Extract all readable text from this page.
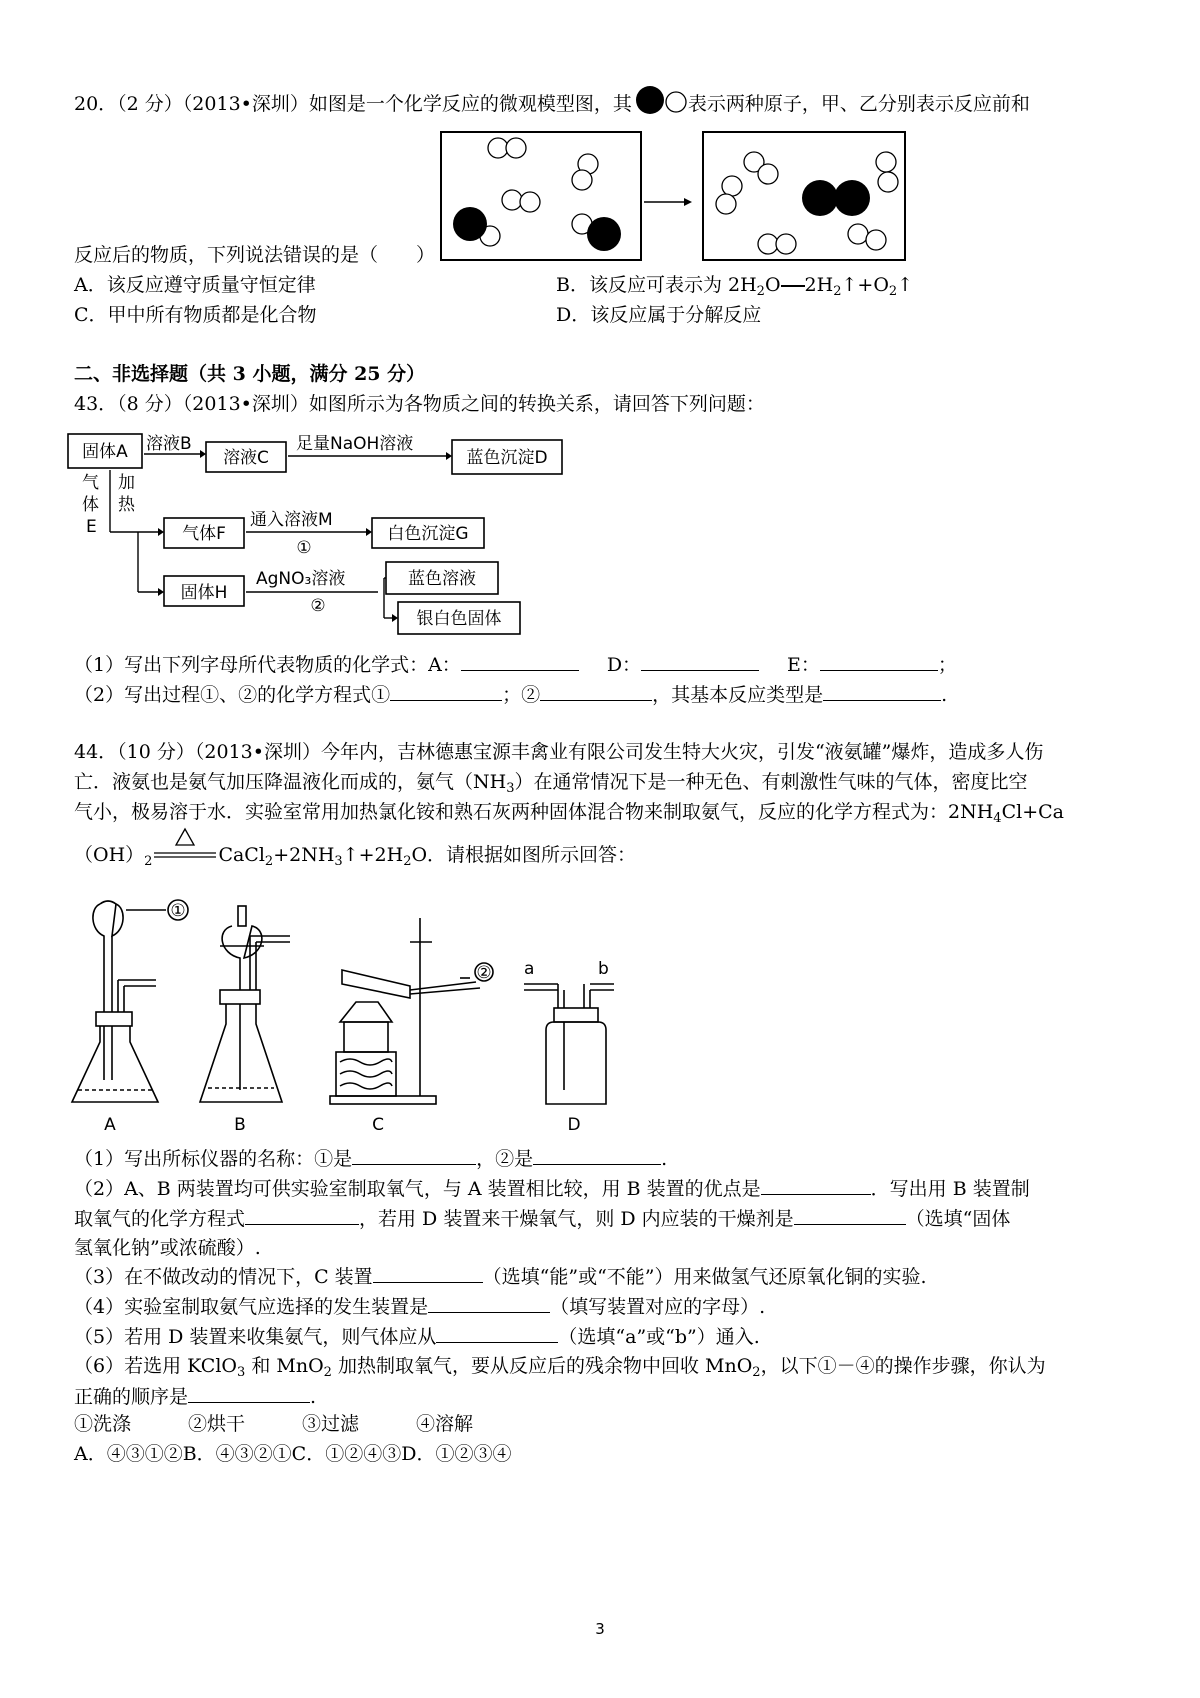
20．（2 分）（2013•深圳）如图是一个化学反应的微观模型图，其	表示两种原子，甲、乙分别表示反应前和
反应后的物质，下列说法错误的是（　　）
A．该反应遵守质量守恒定律	B．该反应可表示为 $2H_2O$ $2H_2↑+O_2↑$
C．甲中所有物质都是化合物	D．该反应属于分解反应
二、非选择题（共 3 小题，满分 25 分）
43．（8 分）（2013•深圳）如图所示为各物质之间的转换关系，请回答下列问题：
固体A 溶液B
溶液C
足量NaOH溶液
蓝色沉淀D
气
体
E
加
热
气体F
通入溶液M
①
白色沉淀G
固体H
AgNO₃溶液
②
蓝色溶液
银白色固体
（1）写出下列字母所代表物质的化学式：A：	D：	E：	；
（2）写出过程①、②的化学方程式①	；②	，其基本反应类型是	.
44．（10 分）（2013•深圳）今年内，吉林德惠宝源丰禽业有限公司发生特大火灾，引发“液氨罐”爆炸，造成多人伤
亡．液氨也是氨气加压降温液化而成的，氨气$(NH_3)$在通常情况下是一种无色、有刺激性气味的气体，密度比空
气小，极易溶于水．实验室常用加热氯化铵和熟石灰两种固体混合物来制取氨气，反应的化学方程式为：$2NH_4Cl+Ca$
$(OH)_2$	$CaCl_2+2NH_3↑+2H_2O$．请根据如图所示回答：
①
② a	b
A	B	C	D
（1）写出所标仪器的名称：①是	，②是	.
（2）A、B 两装置均可供实验室制取氧气，与 A 装置相比较，用 B 装置的优点是	．写出用 B 装置制
取氧气的化学方程式	，若用 D 装置来干燥氧气，则 D 内应装的干燥剂是	（选填“固体
氢氧化钠”或浓硫酸）.
（3）在不做改动的情况下，C 装置	（选填“能”或“不能”）用来做氢气还原氧化铜的实验.
（4）实验室制取氨气应选择的发生装置是	（填写装置对应的字母）.
（5）若用 D 装置来收集氨气，则气体应从	（选填“a”或“b”）通入.
（6）若选用 KClO$_3$ 和 MnO$_2$ 加热制取氧气，要从反应后的残余物中回收 MnO$_2$，以下①－④的操作步骤，你认为
正确的顺序是	.
①洗涤　　　②烘干　　　③过滤　　　④溶解
A．④③①②B．④③②①C．①②④③D．①②③④
3
